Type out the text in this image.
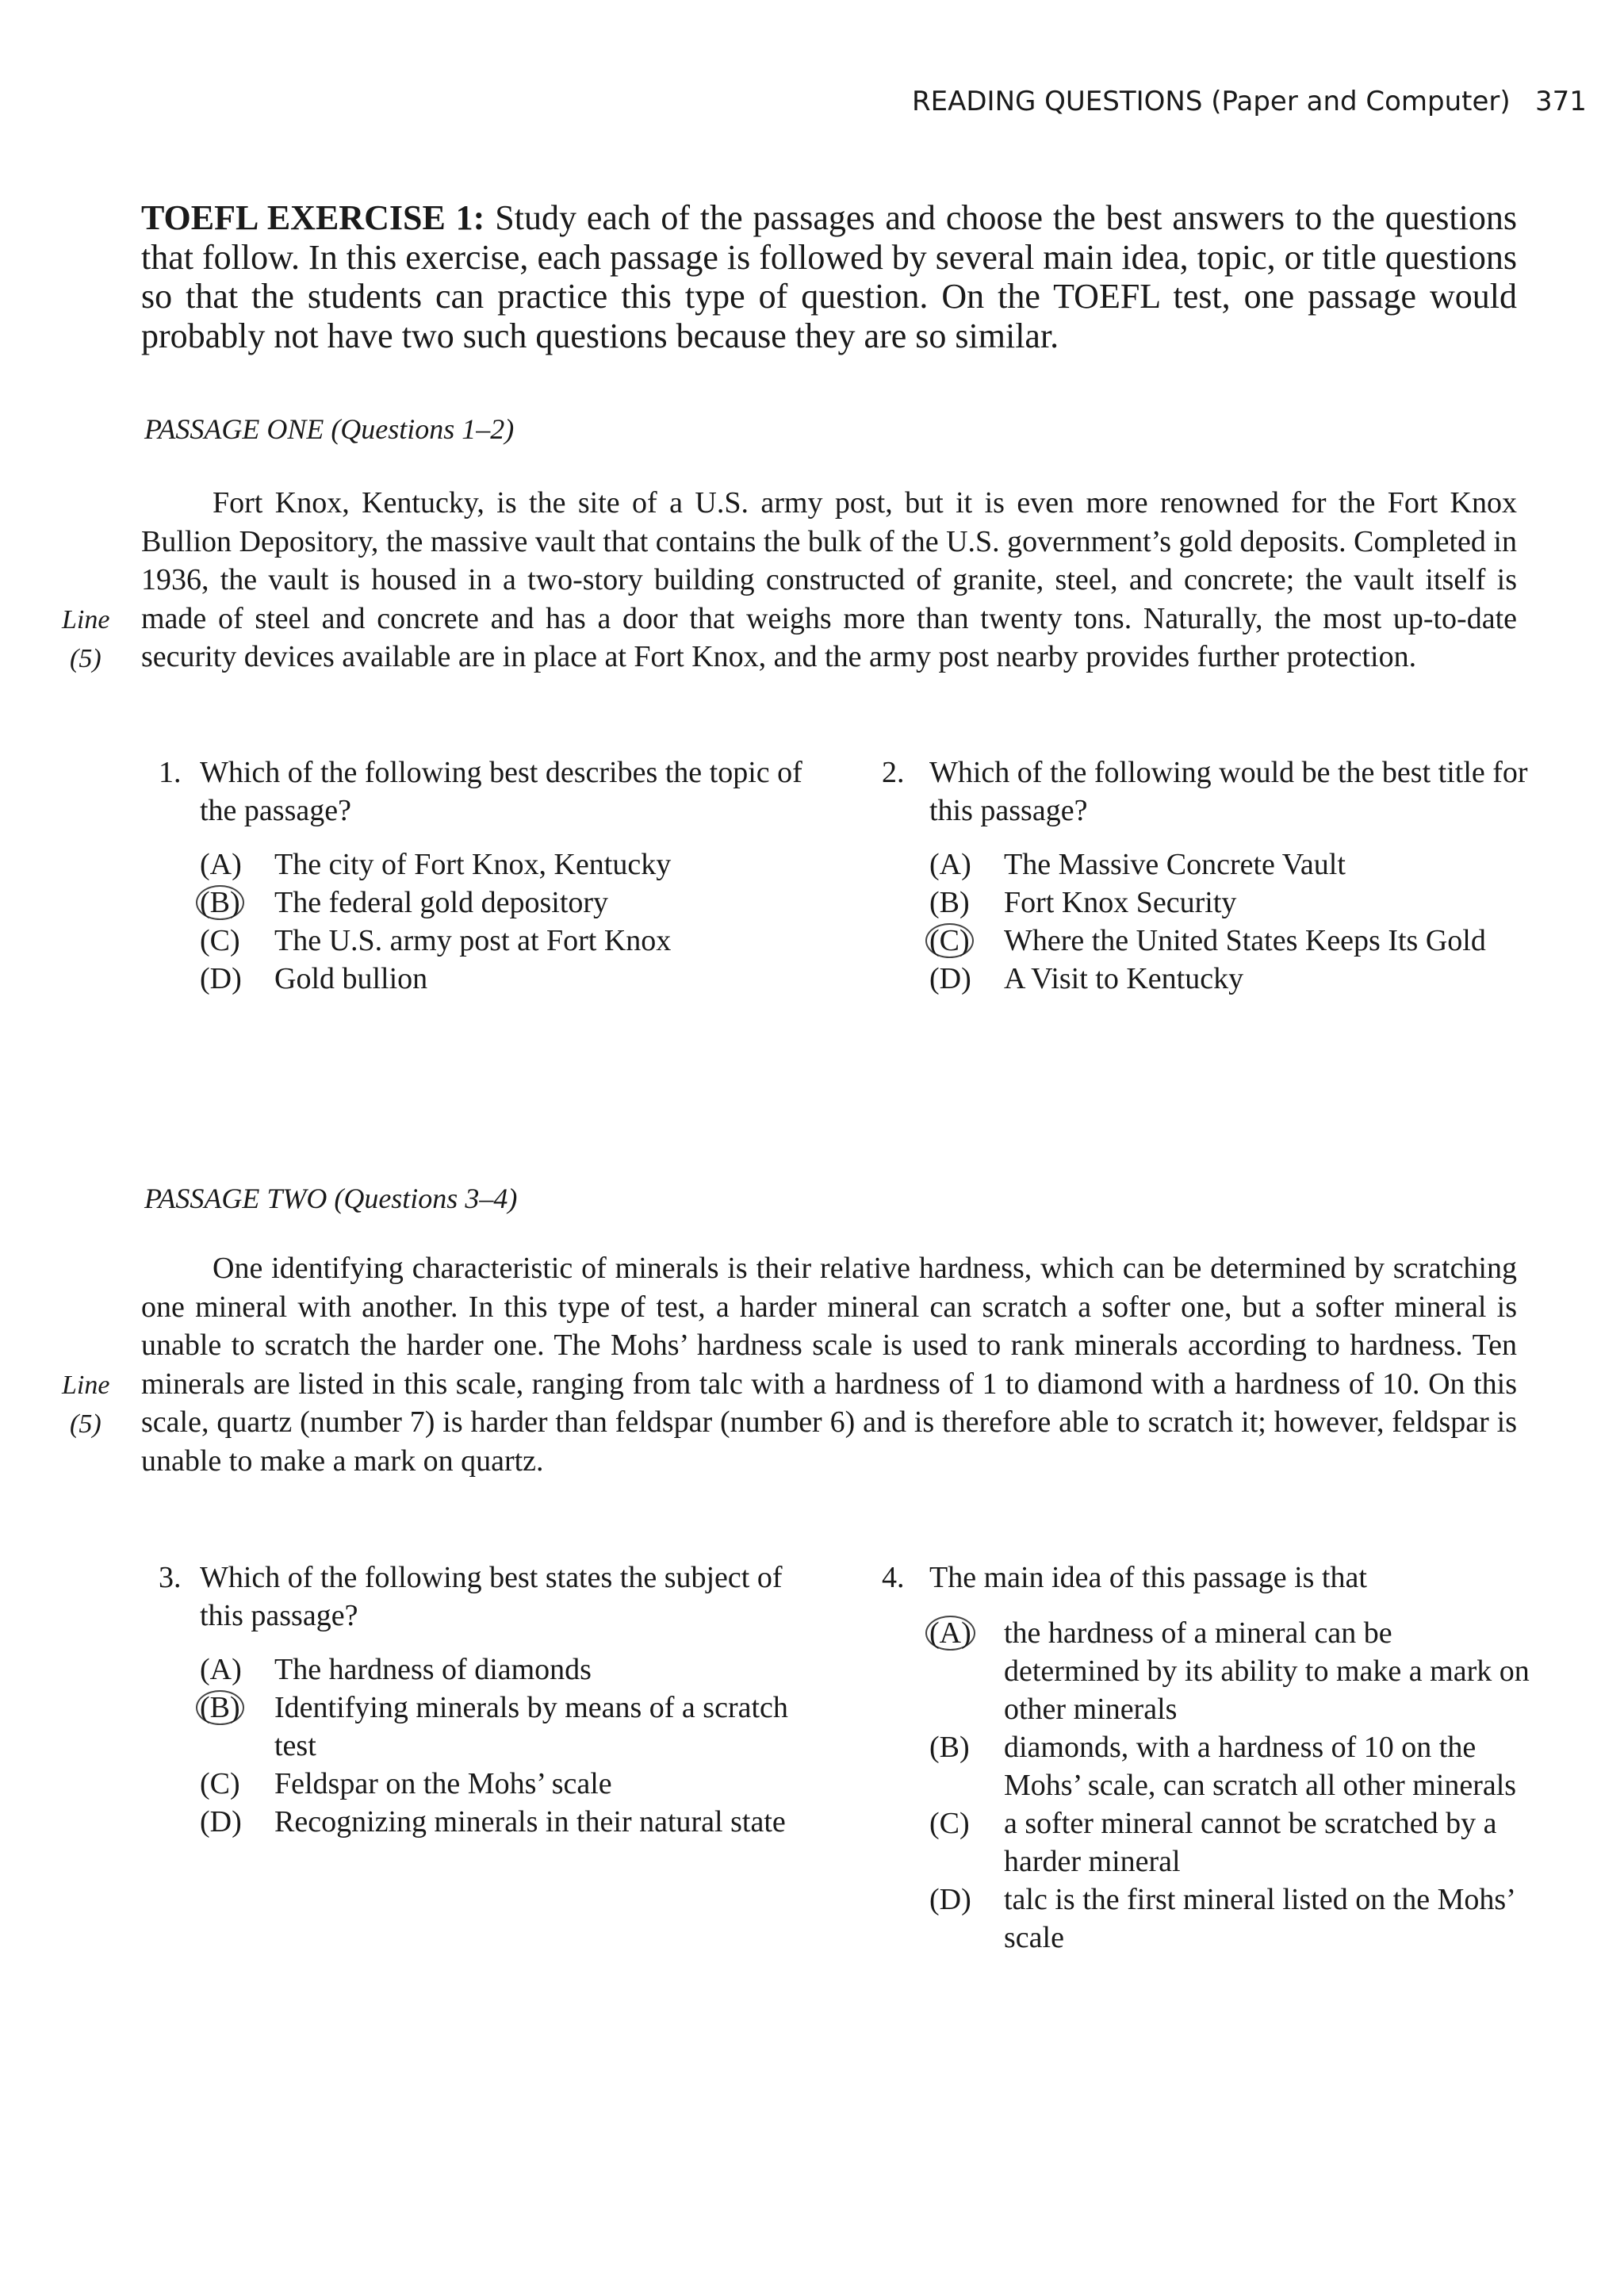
READING QUESTIONS (Paper and Computer) 371
TOEFL EXERCISE 1: Study each of the passages and choose the best answers to the questions that follow. In this exercise, each passage is followed by several main idea, topic, or title questions so that the students can practice this type of question. On the TOEFL test, one passage would probably not have two such questions because they are so similar.
PASSAGE ONE (Questions 1–2)

Fort Knox, Kentucky, is the site of a U.S. army post, but it is even more renowned for the Fort Knox Bullion Depository, the massive vault that contains the bulk of the U.S. government’s gold deposits. Completed in 1936, the vault is housed in a two-story building constructed of granite, steel, and concrete; the vault itself is made of steel and concrete and has a door that weighs more than twenty tons. Naturally, the most up-to-date security devices available are in place at Fort Knox, and the army post nearby provides further protection.

Line
(5)
1. Which of the following best describes the topic of the passage?
(A) The city of Fort Knox, Kentucky
(B) The federal gold depository
(C) The U.S. army post at Fort Knox
(D) Gold bullion
2. Which of the following would be the best title for this passage?
(A) The Massive Concrete Vault
(B) Fort Knox Security
(C) Where the United States Keeps Its Gold
(D) A Visit to Kentucky
PASSAGE TWO (Questions 3–4)

One identifying characteristic of minerals is their relative hardness, which can be determined by scratching one mineral with another. In this type of test, a harder mineral can scratch a softer one, but a softer mineral is unable to scratch the harder one. The Mohs’ hardness scale is used to rank minerals according to hardness. Ten minerals are listed in this scale, ranging from talc with a hardness of 1 to diamond with a hardness of 10. On this scale, quartz (number 7) is harder than feldspar (number 6) and is therefore able to scratch it; however, feldspar is unable to make a mark on quartz.

Line
(5)
3. Which of the following best states the subject of this passage?
(A) The hardness of diamonds
(B) Identifying minerals by means of a scratch test
(C) Feldspar on the Mohs’ scale
(D) Recognizing minerals in their natural state
4. The main idea of this passage is that
(A) the hardness of a mineral can be determined by its ability to make a mark on other minerals
(B) diamonds, with a hardness of 10 on the Mohs’ scale, can scratch all other minerals
(C) a softer mineral cannot be scratched by a harder mineral
(D) talc is the first mineral listed on the Mohs’ scale
